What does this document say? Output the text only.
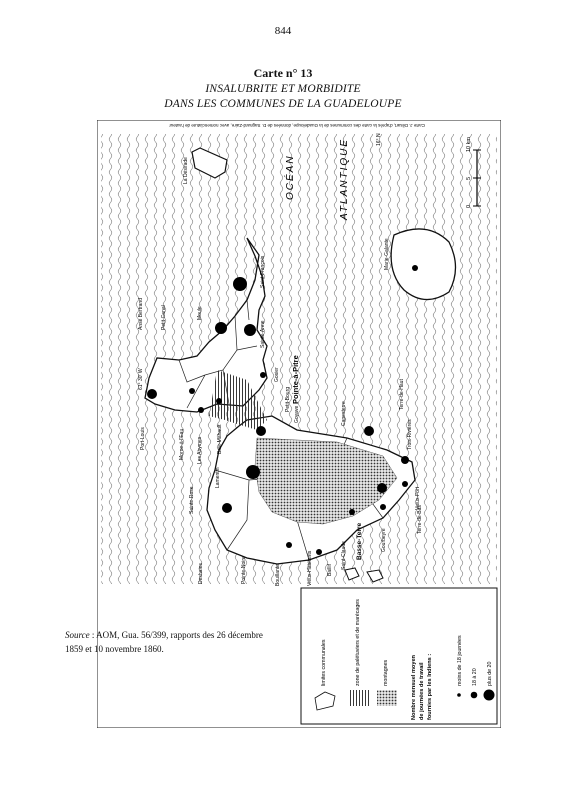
844
Carte n° 13
INSALUBRITE ET MORBIDITE
DANS LES COMMUNES DE LA GUADELOUPE
Carte J. Dilsart, d'après la carte des communes de la Guadeloupe, données de D. Sagnard-Zaire, avec nomenclature de l'auteur
OCÉAN	ATLANTIQUE	16° N
61° 30' W
0
5
10 km
La Désirade
Marie-Galante
Saint-François
Sainte-Anne
Anse Bertrand	Petit-Canal	Moule
Gosier
Petit-Bourg
Goyave	Capesterre
Port-Louis	Morne-à-l'Eau Les Abymes	Baie-Mahault
Lamentin
Sainte-Rose
Deshaies	Pointe-Noire	Bouillante	Vieux-Habitants	Baillif
Saint-Claude
Gourbeyre
Vieux-Fort
Trois-Rivières
Terre-de-Haut
Terre-de-Bas
Pointe-à-Pitre
Basse-Terre
limites communales	zone de palétuviers et de marécages	montagnes	moins de 18 journées 18 à 20 plus de 20
Nombre mensuel moyen de journées de travail fournies par les Indiens :
Source : AOM, Gua. 56/399, rapports des 26 décembre 1859 et 10 novembre 1860.
